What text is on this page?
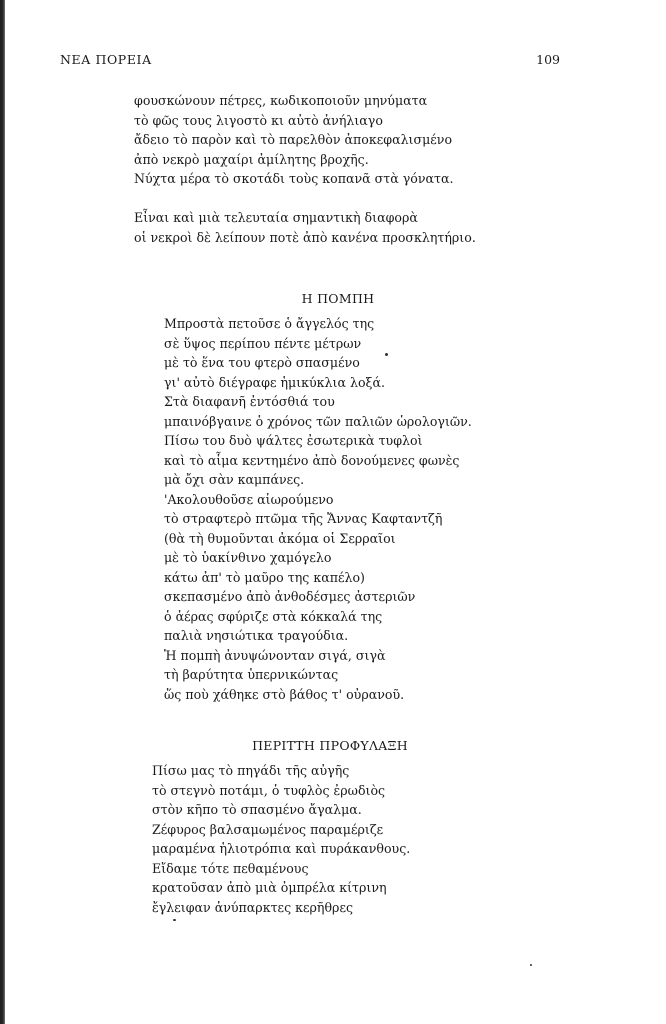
ΝΕΑ ΠΟΡΕΙΑ	109
φουσκώνουν πέτρες, κωδικοποιοῦν μηνύματα
τὸ φῶς τους λιγοστὸ κι αὐτὸ ἀνήλιαγο
ἄδειο τὸ παρὸν καὶ τὸ παρελθὸν ἀποκεφαλισμένο
ἀπὸ νεκρὸ μαχαίρι ἀμίλητης βροχῆς.
Νύχτα μέρα τὸ σκοτάδι τοὺς κοπανᾶ στὰ γόνατα.
Εἶναι καὶ μιὰ τελευταία σημαντικὴ διαφορὰ
οἱ νεκροὶ δὲ λείπουν ποτὲ ἀπὸ κανένα προσκλητήριο.
Η ΠΟΜΠΗ
Μπροστὰ πετοῦσε ὁ ἄγγελός της
σὲ ὕψος περίπου πέντε μέτρων
μὲ τὸ ἕνα του φτερὸ σπασμένο
γι' αὐτὸ διέγραφε ἡμικύκλια λοξά.
Στὰ διαφανῆ ἐντόσθιά του
μπαινόβγαινε ὁ χρόνος τῶν παλιῶν ὡρολογιῶν.
Πίσω του δυὸ ψάλτες ἐσωτερικὰ τυφλοὶ
καὶ τὸ αἷμα κεντημένο ἀπὸ δονούμενες φωνὲς
μὰ ὄχι σὰν καμπάνες.
'Ακολουθοῦσε αἰωρούμενο
τὸ στραφτερὸ πτῶμα τῆς Ἄννας Καφταντζῆ
(θὰ τὴ θυμοῦνται ἀκόμα οἱ Σερραῖοι
μὲ τὸ ὑακίνθινο χαμόγελο
κάτω ἀπ' τὸ μαῦρο της καπέλο)
σκεπασμένο ἀπὸ ἀνθοδέσμες ἀστεριῶν
ὁ ἀέρας σφύριζε στὰ κόκκαλά της
παλιὰ νησιώτικα τραγούδια.
Ἡ πομπὴ ἀνυψώνονταν σιγά, σιγὰ
τὴ βαρύτητα ὑπερνικώντας
ὥς ποὺ χάθηκε στὸ βάθος τ' οὐρανοῦ.
ΠΕΡΙΤΤΗ ΠΡΟΦΥΛΑΞΗ
Πίσω μας τὸ πηγάδι τῆς αὐγῆς
τὸ στεγνὸ ποτάμι, ὁ τυφλὸς ἐρωδιὸς
στὸν κῆπο τὸ σπασμένο ἄγαλμα.
Ζέφυρος βαλσαμωμένος παραμέριζε
μαραμένα ἡλιοτρόπια καὶ πυράκανθους.
Εἴδαμε τότε πεθαμένους
κρατοῦσαν ἀπὸ μιὰ ὀμπρέλα κίτρινη
ἔγλειφαν ἀνύπαρκτες κερῆθρες
